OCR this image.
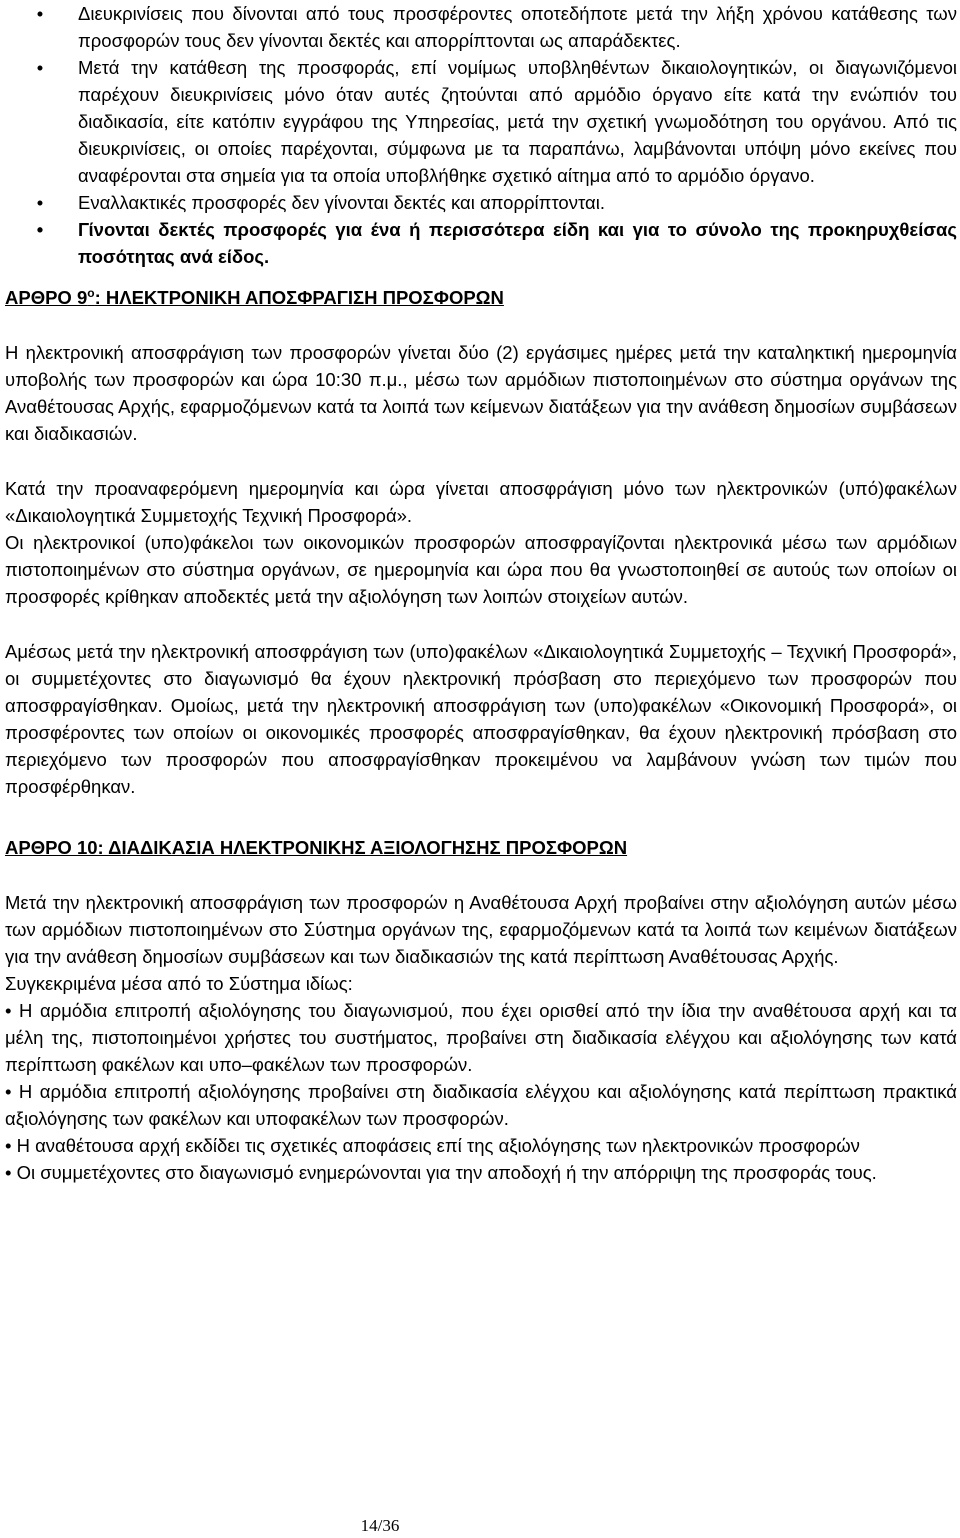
• Διευκρινίσεις που δίνονται από τους προσφέροντες οποτεδήποτε μετά την λήξη χρόνου κατάθεσης των προσφορών τους δεν γίνονται δεκτές και απορρίπτονται ως απαράδεκτες.

• Μετά την κατάθεση της προσφοράς, επί νομίμως υποβληθέντων δικαιολογητικών, οι διαγωνιζόμενοι παρέχουν διευκρινίσεις μόνο όταν αυτές ζητούνται από αρμόδιο όργανο είτε κατά την ενώπιόν του διαδικασία, είτε κατόπιν εγγράφου της Υπηρεσίας, μετά την σχετική γνωμοδότηση του οργάνου. Από τις διευκρινίσεις, οι οποίες παρέχονται, σύμφωνα με τα παραπάνω, λαμβάνονται υπόψη μόνο εκείνες που αναφέρονται στα σημεία για τα οποία υποβλήθηκε σχετικό αίτημα από το αρμόδιο όργανο.

• Εναλλακτικές προσφορές δεν γίνονται δεκτές και απορρίπτονται.

• Γίνονται δεκτές προσφορές για ένα ή περισσότερα είδη και για το σύνολο της προκηρυχθείσας ποσότητας ανά είδος.

ΑΡΘΡΟ $9^o$: ΗΛΕΚΤΡΟΝΙΚΗ ΑΠΟΣΦΡΑΓΙΣΗ ΠΡΟΣΦΟΡΩΝ

Η ηλεκτρονική αποσφράγιση των προσφορών γίνεται δύο (2) εργάσιμες ημέρες μετά την καταληκτική ημερομηνία υποβολής των προσφορών και ώρα 10:30 π.μ., μέσω των αρμόδιων πιστοποιημένων στο σύστημα οργάνων της Αναθέτουσας Αρχής, εφαρμοζόμενων κατά τα λοιπά των κείμενων διατάξεων για την ανάθεση δημοσίων συμβάσεων και διαδικασιών.

Κατά την προαναφερόμενη ημερομηνία και ώρα γίνεται αποσφράγιση μόνο των ηλεκτρονικών (υπό)φακέλων «Δικαιολογητικά Συμμετοχής Τεχνική Προσφορά».

Οι ηλεκτρονικοί (υπο)φάκελοι των οικονομικών προσφορών αποσφραγίζονται ηλεκτρονικά μέσω των αρμόδιων πιστοποιημένων στο σύστημα οργάνων, σε ημερομηνία και ώρα που θα γνωστοποιηθεί σε αυτούς των οποίων οι προσφορές κρίθηκαν αποδεκτές μετά την αξιολόγηση των λοιπών στοιχείων αυτών.

Αμέσως μετά την ηλεκτρονική αποσφράγιση των (υπο)φακέλων «Δικαιολογητικά Συμμετοχής – Τεχνική Προσφορά», οι συμμετέχοντες στο διαγωνισμό θα έχουν ηλεκτρονική πρόσβαση στο περιεχόμενο των προσφορών που αποσφραγίσθηκαν. Ομοίως, μετά την ηλεκτρονική αποσφράγιση των (υπο)φακέλων «Οικονομική Προσφορά», οι προσφέροντες των οποίων οι οικονομικές προσφορές αποσφραγίσθηκαν, θα έχουν ηλεκτρονική πρόσβαση στο περιεχόμενο των προσφορών που αποσφραγίσθηκαν προκειμένου να λαμβάνουν γνώση των τιμών που προσφέρθηκαν.

ΑΡΘΡΟ 10: ΔΙΑΔΙΚΑΣΙΑ ΗΛΕΚΤΡΟΝΙΚΗΣ ΑΞΙΟΛΟΓΗΣΗΣ ΠΡΟΣΦΟΡΩΝ

Μετά την ηλεκτρονική αποσφράγιση των προσφορών η Αναθέτουσα Αρχή προβαίνει στην αξιολόγηση αυτών μέσω των αρμόδιων πιστοποιημένων στο Σύστημα οργάνων της, εφαρμοζόμενων κατά τα λοιπά των κειμένων διατάξεων για την ανάθεση δημοσίων συμβάσεων και των διαδικασιών της κατά περίπτωση Αναθέτουσας Αρχής.

Συγκεκριμένα μέσα από το Σύστημα ιδίως:

• Η αρμόδια επιτροπή αξιολόγησης του διαγωνισμού, που έχει ορισθεί από την ίδια την αναθέτουσα αρχή και τα μέλη της, πιστοποιημένοι χρήστες του συστήματος, προβαίνει στη διαδικασία ελέγχου και αξιολόγησης των κατά περίπτωση φακέλων και υπο–φακέλων των προσφορών.

• Η αρμόδια επιτροπή αξιολόγησης προβαίνει στη διαδικασία ελέγχου και αξιολόγησης κατά περίπτωση πρακτικά αξιολόγησης των φακέλων και υποφακέλων των προσφορών.

• Η αναθέτουσα αρχή εκδίδει τις σχετικές αποφάσεις επί της αξιολόγησης των ηλεκτρονικών προσφορών

• Οι συμμετέχοντες στο διαγωνισμό ενημερώνονται για την αποδοχή ή την απόρριψη της προσφοράς τους.

14/36
